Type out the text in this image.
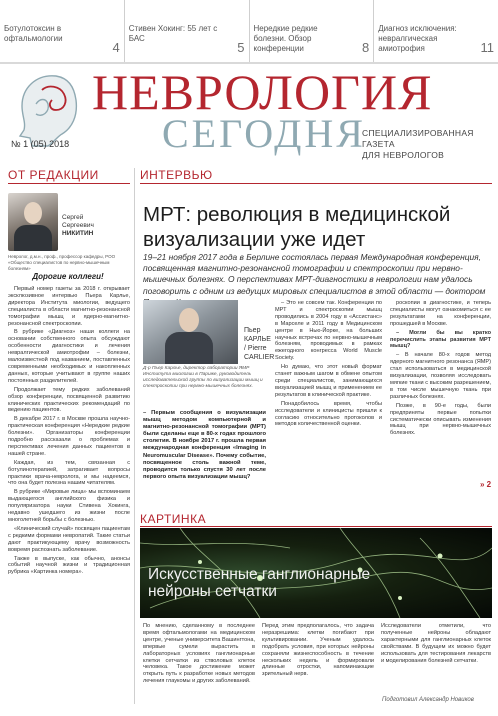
Ботулотоксин в офтальмологии
4
Стивен Хокинг: 55 лет с БАС
5
Нередкие редкие болезни. Обзор конференции	8
Диагноз исключения: невралгическая амиотрофия	11
НЕВРОЛОГИЯ
СЕГОДНЯ
СПЕЦИАЛИЗИРОВАННАЯ ГАЗЕТА
ДЛЯ НЕВРОЛОГОВ
№ 1 (05) 2018
ОТ РЕДАКЦИИ
Сергей
Сергеевич
НИКИТИН
Невролог, д.м.н., проф., профессор кафедры, РОО «Общество специалистов по нервно-мышечным болезням»
Дорогие коллеги!

Первый номер газеты за 2018 г. открывает эксклюзивное интервью Пьера Карлье, директора Института миологии, ведущего специалиста в области магнитно-резонансной томографии мышц и ядерно-магнитно-резонансной спектроскопии.

В рубрике «Диагноз» наши коллеги на основании собственного опыта обсуждают особенности диагностики и лечения невралгической амиотрофии – болезни, малоизвестной под названием, поставленных современными необходимых и накопленных данных, которые учитывают в группе наших постоянных разделителей.

Продолжает тему редких заболеваний обзор конференции, посвященной развитию клинических практических рекомендаций по ведению пациентов.

В декабре 2017 г. в Москве прошла научно-практическая конференция «Нередкие редкие болезни». Организаторы конференции подробно рассказали о проблемах и перспективах лечения данных пациентов в нашей стране.

Каждая, из тем, связанная с ботулинотерапией, затрагивает вопросы практики врача-невролога, и мы надеемся, что она будет полезна нашим читателям.

В рубрике «Мировые лица» мы вспоминаем выдающегося английского физика и популяризатора науки Стивена Хокинга, недавно ушедшего из жизни после многолетней борьбы с болезнью.

«Клинический случай» посвящен пациентам с редкими формами невропатий. Такие статьи дают практикующему врачу возможность вовремя распознать заболевание.

Также в выпуске, как обычно, анонсы событий научной жизни и традиционная рубрика «Картинка номера».

ИНТЕРВЬЮ
МРТ: революция в медицинской визуализации уже идет
19–21 ноября 2017 года в Берлине состоялась первая Международная конференция, посвященная магнитно-резонансной томографии и спектроскопии при нервно-мышечных болезнях. О перспективах МРТ-диагностики в неврологии нам удалось поговорить с одним из ведущих мировых специалистов в этой области — доктором
Пьер КАРЛЬЕ / Pierre CARLIER
Д-р Пьер Карлье, директор лаборатории ЯМР Института миологии в Париже, руководитель исследовательской группы по визуализации мышц и спектроскопии при нервно-мышечных болезнях.
– Первым сообщения о визуализации мышц методом компьютерной и магнитно-резонансной томографии (МРТ) были сделаны еще в 80-х годах прошлого столетия. В ноябре 2017 г. прошла первая международная конференция «Imaging in Neuromuscular Disease». Почему событие, посвященное столь важной теме, проводится только спустя 30 лет после первого опыта визуализации мышц?

– Это не совсем так. Конференции по МРТ и спектроскопии мышц проводились в 2004 году в «Ассистанс» в Марселе и 2011 году в Медицинском центре в Нью-Йорке, на больших научных встречах по нервно-мышечным болезням, проводимых в рамках ежегодного конгресса World Muscle Society.

Но думаю, что этот новый формат станет важным шагом в обмене опытом среди специалистов, занимающихся визуализацией мышц и применением ее результатов в клинической практике.

Понадобилось время, чтобы исследователи и клиницисты пришли к согласию относительно протоколов и методов количественной оценки.

роскопии в диагностике, и теперь специалисты могут ознакомиться с ее результатами на конференции, прошедшей в Москве.

– Могли бы вы кратко перечислить этапы развития МРТ мышц?

– В начале 80-х годов метод ядерного магнитного резонанса (ЯМР) стал использоваться в медицинской визуализации, позволяя исследовать мягкие ткани с высоким разрешением, в том числе мышечную ткань при различных болезнях.

Позже, в 90-е годы, были предприняты первые попытки систематически описывать изменения мышц при нервно-мышечных болезнях.

» 2
КАРТИНКА
Искусственные ганглионарные нейроны сетчатки
По мнению, сделанному в последнее время офтальмологами на медицинском центре, ученые университета Вашингтона, впервые сумели вырастить в лабораторных условиях ганглионарные клетки сетчатки из стволовых клеток человека. Такое достижение может открыть путь к разработке новых методов лечения глаукомы и других заболеваний.
Перед этим предполагалось, что задача неразрешима: клетки погибают при культивировании. Ученым удалось подобрать условия, при которых нейроны сохраняли жизнеспособность в течение нескольких недель и формировали длинные отростки, напоминающие зрительный нерв.
Исследователи отметили, что полученные нейроны обладают характерными для ганглионарных клеток свойствами. В будущем их можно будет использовать для тестирования лекарств и моделирования болезней сетчатки.
Подготовил Александр Новиков
